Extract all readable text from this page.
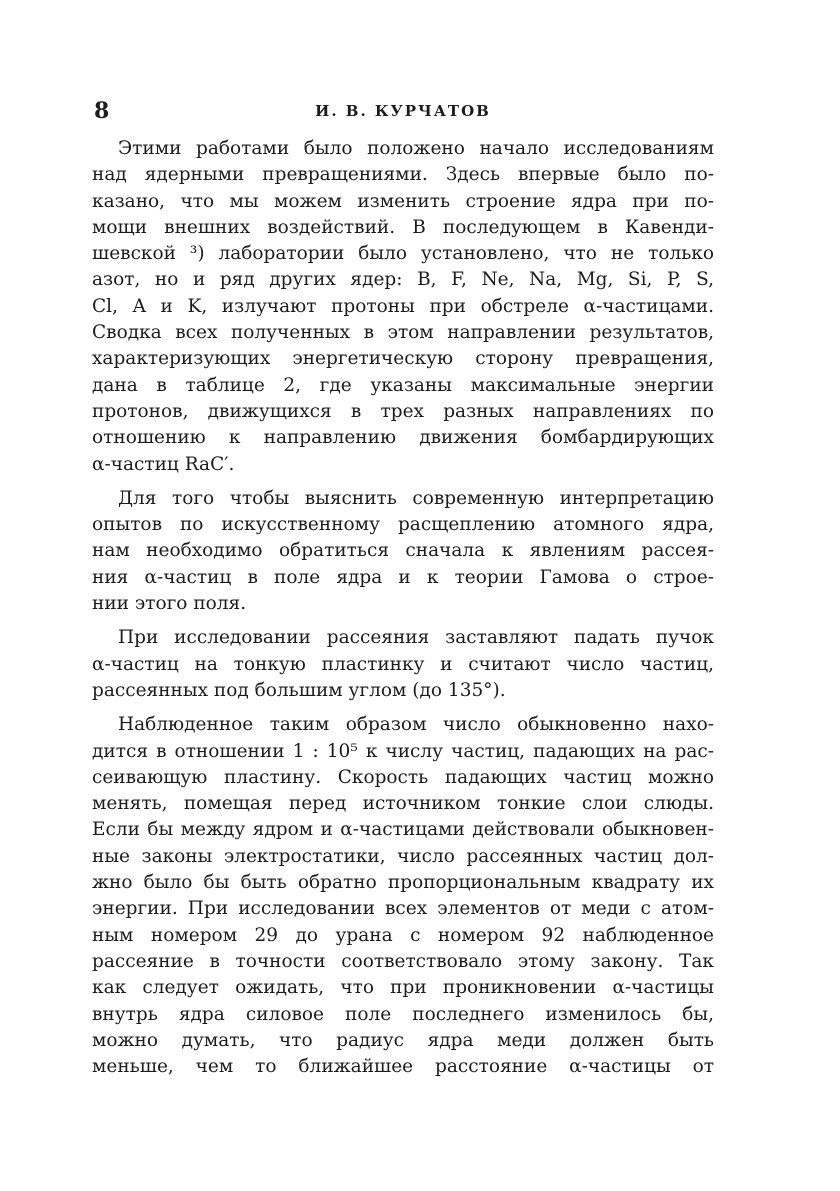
8	И. В. КУРЧАТОВ

Этими работами было положено начало исследованиям
над ядерными превращениями. Здесь впервые было по-
казано, что мы можем изменить строение ядра при по-
мощи внешних воздействий. В последующем в Кавенди-
шевской ³) лаборатории было установлено, что не только
азот, но и ряд других ядер: B, F, Ne, Na, Mg, Si, P, S,
Cl, A и K, излучают протоны при обстреле α-частицами.
Сводка всех полученных в этом направлении результатов,
характеризующих энергетическую сторону превращения,
дана в таблице 2, где указаны максимальные энергии
протонов, движущихся в трех разных направлениях по
отношению к направлению движения бомбардирующих
α-частиц RaC′.

Для того чтобы выяснить современную интерпретацию
опытов по искусственному расщеплению атомного ядра,
нам необходимо обратиться сначала к явлениям рассея-
ния α-частиц в поле ядра и к теории Гамова о строе-
нии этого поля.

При исследовании рассеяния заставляют падать пучок
α-частиц на тонкую пластинку и считают число частиц,
рассеянных под большим углом (до 135°).

Наблюденное таким образом число обыкновенно нахо-
дится в отношении 1 : 10⁵ к числу частиц, падающих на рас-
сеивающую пластину. Скорость падающих частиц можно
менять, помещая перед источником тонкие слои слюды.
Если бы между ядром и α-частицами действовали обыкновен-
ные законы электростатики, число рассеянных частиц дол-
жно было бы быть обратно пропорциональным квадрату их
энергии. При исследовании всех элементов от меди с атом-
ным номером 29 до урана с номером 92 наблюденное
рассеяние в точности соответствовало этому закону. Так
как следует ожидать, что при проникновении α-частицы
внутрь ядра силовое поле последнего изменилось бы,
можно думать, что радиус ядра меди должен быть
меньше, чем то ближайшее расстояние α-частицы от
